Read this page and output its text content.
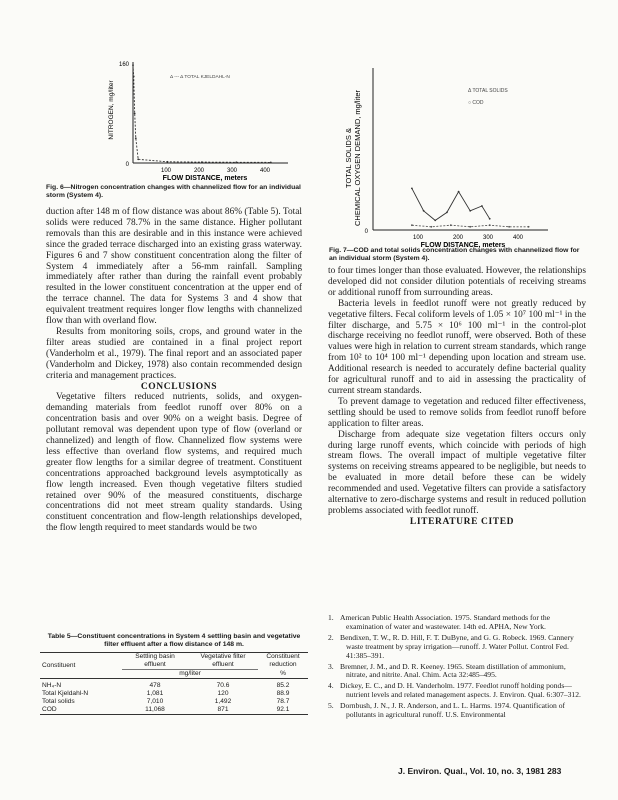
160
0
NITROGEN, mg/liter
Δ --- Δ TOTAL KJELDAHL-N
100	200	300	400
FLOW DISTANCE, meters
Fig. 6—Nitrogen concentration changes with channelized flow for an individual storm (System 4).
0
TOTAL SOLIDS & CHEMICAL OXYGEN DEMAND, mg/liter	Δ TOTAL SOLIDS
○ COD
100	200	300	400
FLOW DISTANCE, meters
Fig. 7—COD and total solids concentration changes with channelized flow for an individual storm (System 4).

duction after 148 m of flow distance was about 86% (Table 5). Total solids were reduced 78.7% in the same distance. Higher pollutant removals than this are desirable and in this instance were achieved since the graded terrace discharged into an existing grass waterway. Figures 6 and 7 show constituent concentration along the filter of System 4 immediately after a 56-mm rainfall. Sampling immediately after rather than during the rainfall event probably resulted in the lower constituent concentration at the upper end of the terrace channel. The data for Systems 3 and 4 show that equivalent treatment requires longer flow lengths with channelized flow than with overland flow.

Results from monitoring soils, crops, and ground water in the filter areas studied are contained in a final project report (Vanderholm et al., 1979). The final report and an associated paper (Vanderholm and Dickey, 1978) also contain recommended design criteria and management practices.

CONCLUSIONS

Vegetative filters reduced nutrients, solids, and oxygen-demanding materials from feedlot runoff over 80% on a concentration basis and over 90% on a weight basis. Degree of pollutant removal was dependent upon type of flow (overland or channelized) and length of flow. Channelized flow systems were less effective than overland flow systems, and required much greater flow lengths for a similar degree of treatment. Constituent concentrations approached background levels asymptotically as flow length increased. Even though vegetative filters studied retained over 90% of the measured constituents, discharge concentrations did not meet stream quality standards. Using constituent concentration and flow-length relationships developed, the flow length required to meet standards would be two

Table 5—Constituent concentrations in System 4 settling basin and vegetative filter effluent after a flow distance of 148 m.
Constituent	Settling basin effluent	Vegetative filter effluent	Constituent reduction
	mg/liter		%

NH₄-N	478	70.6	85.2
Total Kjeldahl-N	1,081	120	88.9
Total solids	7,010	1,492	78.7
COD	11,068	871	92.1

to four times longer than those evaluated. However, the relationships developed did not consider dilution potentials of receiving streams or additional runoff from surrounding areas.

Bacteria levels in feedlot runoff were not greatly reduced by vegetative filters. Fecal coliform levels of 1.05 × 10⁷ 100 ml⁻¹ in the filter discharge, and 5.75 × 10⁶ 100 ml⁻¹ in the control-plot discharge receiving no feedlot runoff, were observed. Both of these values were high in relation to current stream standards, which range from 10² to 10⁴ 100 ml⁻¹ depending upon location and stream use. Additional research is needed to accurately define bacterial quality for agricultural runoff and to aid in assessing the practicality of current stream standards.

To prevent damage to vegetation and reduced filter effectiveness, settling should be used to remove solids from feedlot runoff before application to filter areas.

Discharge from adequate size vegetation filters occurs only during large runoff events, which coincide with periods of high stream flows. The overall impact of multiple vegetative filter systems on receiving streams appeared to be negligible, but needs to be evaluated in more detail before these can be widely recommended and used. Vegetative filters can provide a satisfactory alternative to zero-discharge systems and result in reduced pollution problems associated with feedlot runoff.

LITERATURE CITED

1. American Public Health Association. 1975. Standard methods for the examination of water and wastewater. 14th ed. APHA, New York.
2. Bendixen, T. W., R. D. Hill, F. T. DuByne, and G. G. Robeck. 1969. Cannery waste treatment by spray irrigation—runoff. J. Water Pollut. Control Fed. 41:385–391.
3. Bremner, J. M., and D. R. Keeney. 1965. Steam distillation of ammonium, nitrate, and nitrite. Anal. Chim. Acta 32:485–495.
4. Dickey, E. C., and D. H. Vanderholm. 1977. Feedlot runoff holding ponds—nutrient levels and related management aspects. J. Environ. Qual. 6:307–312.
5. Dornbush, J. N., J. R. Anderson, and L. L. Harms. 1974. Quantification of pollutants in agricultural runoff. U.S. Environmental
J. Environ. Qual., Vol. 10, no. 3, 1981 283
